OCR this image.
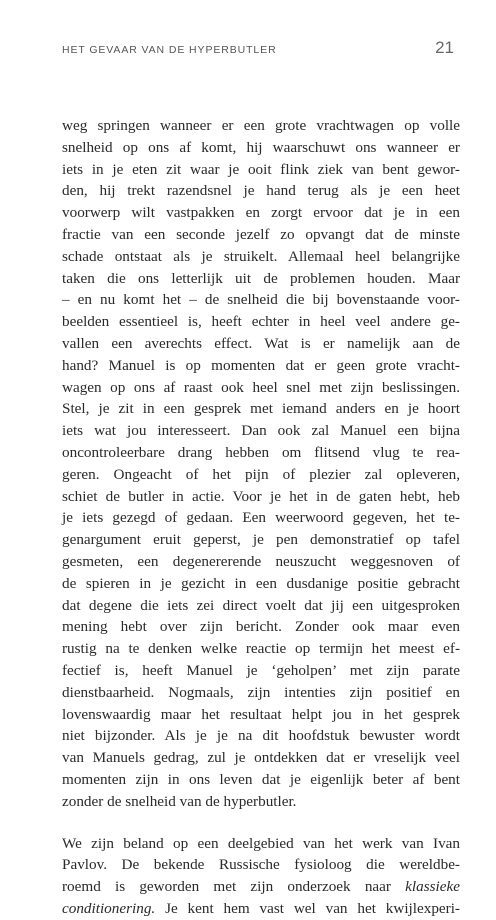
HET GEVAAR VAN DE HYPERBUTLER	21
weg springen wanneer er een grote vrachtwagen op volle
snelheid op ons af komt, hij waarschuwt ons wanneer er
iets in je eten zit waar je ooit flink ziek van bent gewor-
den, hij trekt razendsnel je hand terug als je een heet
voorwerp wilt vastpakken en zorgt ervoor dat je in een
fractie van een seconde jezelf zo opvangt dat de minste
schade ontstaat als je struikelt. Allemaal heel belangrijke
taken die ons letterlijk uit de problemen houden. Maar
– en nu komt het – de snelheid die bij bovenstaande voor-
beelden essentieel is, heeft echter in heel veel andere ge-
vallen een averechts effect. Wat is er namelijk aan de
hand? Manuel is op momenten dat er geen grote vracht-
wagen op ons af raast ook heel snel met zijn beslissingen.
Stel, je zit in een gesprek met iemand anders en je hoort
iets wat jou interesseert. Dan ook zal Manuel een bijna
oncontroleerbare drang hebben om flitsend vlug te rea-
geren. Ongeacht of het pijn of plezier zal opleveren,
schiet de butler in actie. Voor je het in de gaten hebt, heb
je iets gezegd of gedaan. Een weerwoord gegeven, het te-
genargument eruit geperst, je pen demonstratief op tafel
gesmeten, een degenererende neuszucht weggesnoven of
de spieren in je gezicht in een dusdanige positie gebracht
dat degene die iets zei direct voelt dat jij een uitgesproken
mening hebt over zijn bericht. Zonder ook maar even
rustig na te denken welke reactie op termijn het meest ef-
fectief is, heeft Manuel je ‘geholpen’ met zijn parate
dienstbaarheid. Nogmaals, zijn intenties zijn positief en
lovenswaardig maar het resultaat helpt jou in het gesprek
niet bijzonder. Als je je na dit hoofdstuk bewuster wordt
van Manuels gedrag, zul je ontdekken dat er vreselijk veel
momenten zijn in ons leven dat je eigenlijk beter af bent
zonder de snelheid van de hyperbutler.
We zijn beland op een deelgebied van het werk van Ivan
Pavlov. De bekende Russische fysioloog die wereldbe-
roemd is geworden met zijn onderzoek naar klassieke
conditionering. Je kent hem vast wel van het kwijlexperi-
